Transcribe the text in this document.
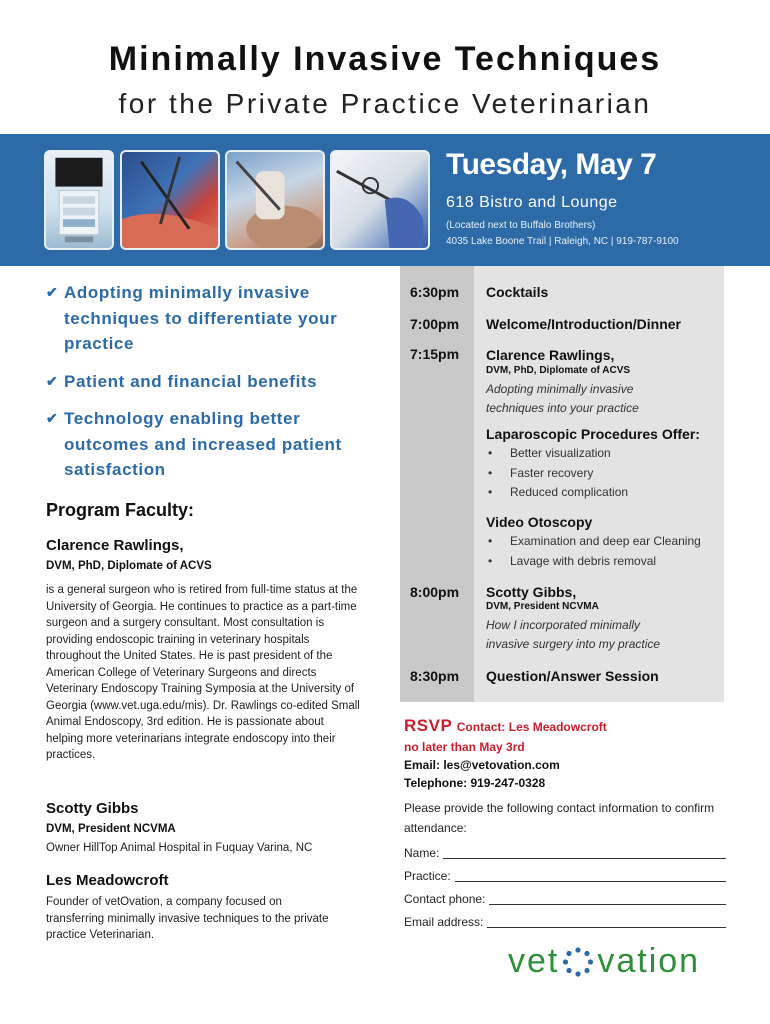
Minimally Invasive Techniques
for the Private Practice Veterinarian
Tuesday, May 7
618 Bistro and Lounge
(Located next to Buffalo Brothers)
4035 Lake Boone Trail | Raleigh, NC | 919-787-9100
✔ Adopting minimally invasive techniques to differentiate your practice
✔ Patient and financial benefits
✔ Technology enabling better outcomes and increased patient satisfaction
Program Faculty:
Clarence Rawlings,
DVM, PhD, Diplomate of ACVS
is a general surgeon who is retired from full-time status at the University of Georgia. He continues to practice as a part-time surgeon and a surgery consultant. Most consultation is providing endoscopic training in veterinary hospitals throughout the United States. He is past president of the American College of Veterinary Surgeons and directs Veterinary Endoscopy Training Symposia at the University of Georgia (www.vet.uga.edu/mis). Dr. Rawlings co-edited Small Animal Endoscopy, 3rd edition. He is passionate about helping more veterinarians integrate endoscopy into their practices.
Scotty Gibbs
DVM, President NCVMA
Owner HillTop Animal Hospital in Fuquay Varina, NC
Les Meadowcroft
Founder of vetOvation, a company focused on transferring minimally invasive techniques to the private practice Veterinarian.
6:30pm Cocktails
7:00pm Welcome/Introduction/Dinner
7:15pm Clarence Rawlings,
DVM, PhD, Diplomate of ACVS
Adopting minimally invasive techniques into your practice
Laparoscopic Procedures Offer:
• Better visualization
• Faster recovery
• Reduced complication
Video Otoscopy
• Examination and deep ear Cleaning
• Lavage with debris removal
8:00pm Scotty Gibbs,
DVM, President NCVMA
How I incorporated minimally invasive surgery into my practice
8:30pm Question/Answer Session
RSVP Contact: Les Meadowcroft
no later than May 3rd
Email: les@vetovation.com
Telephone: 919-247-0328
Please provide the following contact information to confirm attendance:
Name:
Practice:
Contact phone:
Email address:
vet vation
